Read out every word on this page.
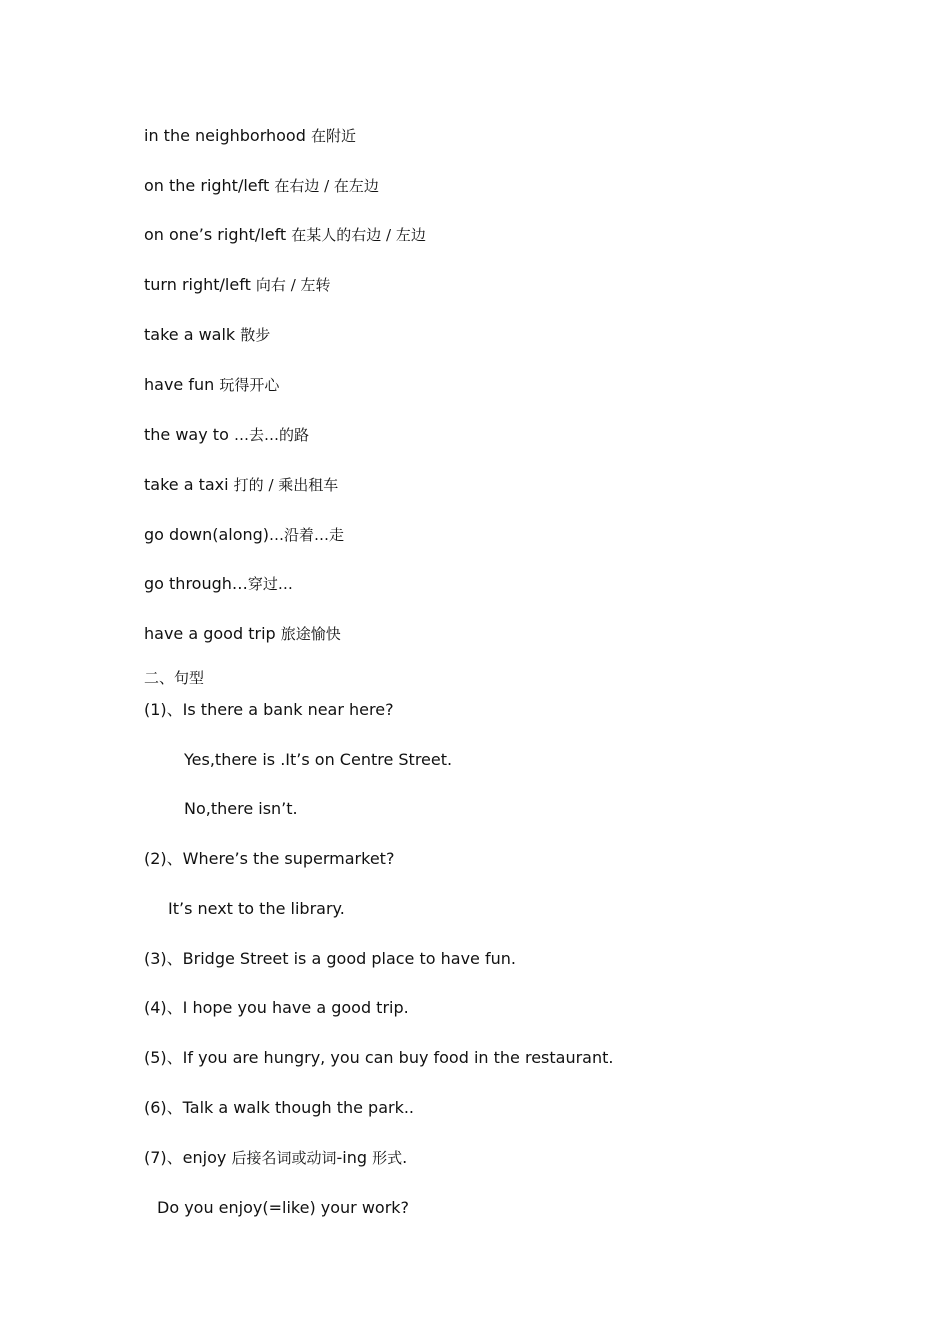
in the neighborhood 在附近
on the right/left 在右边 / 在左边
on one’s right/left 在某人的右边 / 左边
turn right/left 向右 / 左转
take a walk 散步
have fun 玩得开心
the way to …去…的路
take a taxi 打的 / 乘出租车
go down(along)…沿着…走
go through…穿过…
have a good trip 旅途愉快
二、句型
(1)、Is there a bank near here?
Yes,there is .It’s on Centre Street.
No,there isn’t.
(2)、Where’s the supermarket?
It’s next to the library.
(3)、Bridge Street is a good place to have fun.
(4)、I hope you have a good trip.
(5)、If you are hungry, you can buy food in the restaurant.
(6)、Talk a walk though the park..
(7)、enjoy 后接名词或动词-ing 形式.
Do you enjoy(=like) your work?
